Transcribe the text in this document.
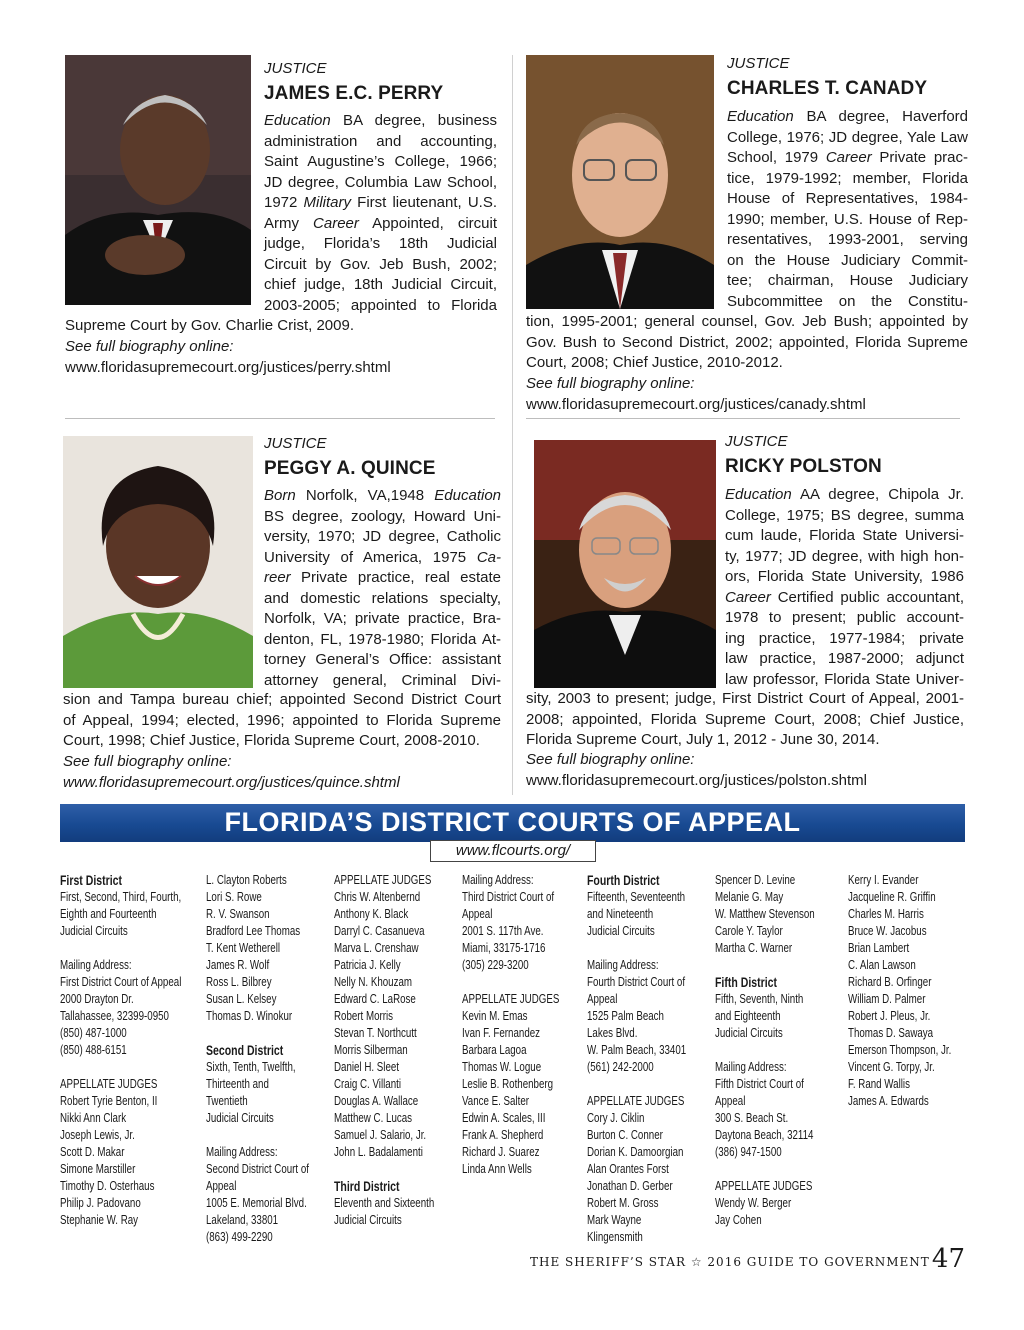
JUSTICE
JAMES E.C. PERRY
Education BA degree, business
administration and accounting,
Saint Augustine’s College, 1966;
JD degree, Columbia Law School,
1972 Military First lieutenant, U.S.
Army Career Appointed, circuit
judge, Florida’s 18th Judicial
Circuit by Gov. Jeb Bush, 2002;
chief judge, 18th Judicial Circuit,
2003-2005; appointed to Florida
Supreme Court by Gov. Charlie Crist, 2009.
See full biography online:
www.floridasupremecourt.org/justices/perry.shtml
JUSTICE
CHARLES T. CANADY
Education BA degree, Haverford
College, 1976; JD degree, Yale Law
School, 1979 Career Private prac-
tice, 1979-1992; member, Florida
House of Representatives, 1984-
1990; member, U.S. House of Rep-
resentatives, 1993-2001, serving
on the House Judiciary Commit-
tee; chairman, House Judiciary
Subcommittee on the Constitu-
tion, 1995-2001; general counsel, Gov. Jeb Bush; appointed by
Gov. Bush to Second District, 2002; appointed, Florida Supreme
Court, 2008; Chief Justice, 2010-2012.
See full biography online:
www.floridasupremecourt.org/justices/canady.shtml
JUSTICE
PEGGY A. QUINCE
Born Norfolk, VA,1948 Education
BS degree, zoology, Howard Uni-
versity, 1970; JD degree, Catholic
University of America, 1975 Ca-
reer Private practice, real estate
and domestic relations specialty,
Norfolk, VA; private practice, Bra-
denton, FL, 1978-1980; Florida At-
torney General’s Office: assistant
attorney general, Criminal Divi-
sion and Tampa bureau chief; appointed Second District Court
of Appeal, 1994; elected, 1996; appointed to Florida Supreme
Court, 1998; Chief Justice, Florida Supreme Court, 2008-2010.
See full biography online:
www.floridasupremecourt.org/justices/quince.shtml
JUSTICE
RICKY POLSTON
Education AA degree, Chipola Jr.
College, 1975; BS degree, summa
cum laude, Florida State Universi-
ty, 1977; JD degree, with high hon-
ors, Florida State University, 1986
Career Certified public accountant,
1978 to present; public account-
ing practice, 1977-1984; private
law practice, 1987-2000; adjunct
law professor, Florida State Univer-
sity, 2003 to present; judge, First District Court of Appeal, 2001-
2008; appointed, Florida Supreme Court, 2008; Chief Justice,
Florida Supreme Court, July 1, 2012 - June 30, 2014.
See full biography online:
www.floridasupremecourt.org/justices/polston.shtml
FLORIDA’S DISTRICT COURTS OF APPEAL
www.flcourts.org/
First District
First, Second, Third, Fourth,
Eighth and Fourteenth
Judicial Circuits
Mailing Address:
First District Court of Appeal
2000 Drayton Dr.
Tallahassee, 32399-0950
(850) 487-1000
(850) 488-6151
APPELLATE JUDGES
Robert Tyrie Benton, II
Nikki Ann Clark
Joseph Lewis, Jr.
Scott D. Makar
Simone Marstiller
Timothy D. Osterhaus
Philip J. Padovano
Stephanie W. Ray
L. Clayton Roberts
Lori S. Rowe
R. V. Swanson
Bradford Lee Thomas
T. Kent Wetherell
James R. Wolf
Ross L. Bilbrey
Susan L. Kelsey
Thomas D. Winokur
Second District
Sixth, Tenth, Twelfth,
Thirteenth and
Twentieth
Judicial Circuits
Mailing Address:
Second District Court of
Appeal
1005 E. Memorial Blvd.
Lakeland, 33801
(863) 499-2290
APPELLATE JUDGES
Chris W. Altenbernd
Anthony K. Black
Darryl C. Casanueva
Marva L. Crenshaw
Patricia J. Kelly
Nelly N. Khouzam
Edward C. LaRose
Robert Morris
Stevan T. Northcutt
Morris Silberman
Daniel H. Sleet
Craig C. Villanti
Douglas A. Wallace
Matthew C. Lucas
Samuel J. Salario, Jr.
John L. Badalamenti
Third District
Eleventh and Sixteenth
Judicial Circuits
Mailing Address:
Third District Court of
Appeal
2001 S. 117th Ave.
Miami, 33175-1716
(305) 229-3200
APPELLATE JUDGES
Kevin M. Emas
Ivan F. Fernandez
Barbara Lagoa
Thomas W. Logue
Leslie B. Rothenberg
Vance E. Salter
Edwin A. Scales, III
Frank A. Shepherd
Richard J. Suarez
Linda Ann Wells
Fourth District
Fifteenth, Seventeenth
and Nineteenth
Judicial Circuits
Mailing Address:
Fourth District Court of
Appeal
1525 Palm Beach
Lakes Blvd.
W. Palm Beach, 33401
(561) 242-2000
APPELLATE JUDGES
Cory J. Ciklin
Burton C. Conner
Dorian K. Damoorgian
Alan Orantes Forst
Jonathan D. Gerber
Robert M. Gross
Mark Wayne
Klingensmith
Spencer D. Levine
Melanie G. May
W. Matthew Stevenson
Carole Y. Taylor
Martha C. Warner
Fifth District
Fifth, Seventh, Ninth
and Eighteenth
Judicial Circuits
Mailing Address:
Fifth District Court of
Appeal
300 S. Beach St.
Daytona Beach, 32114
(386) 947-1500
APPELLATE JUDGES
Wendy W. Berger
Jay Cohen
Kerry I. Evander
Jacqueline R. Griffin
Charles M. Harris
Bruce W. Jacobus
Brian Lambert
C. Alan Lawson
Richard B. Orfinger
William D. Palmer
Robert J. Pleus, Jr.
Thomas D. Sawaya
Emerson Thompson, Jr.
Vincent G. Torpy, Jr.
F. Rand Wallis
James A. Edwards
THE SHERIFF’S STAR ☆ 2016 GUIDE TO GOVERNMENT 47
